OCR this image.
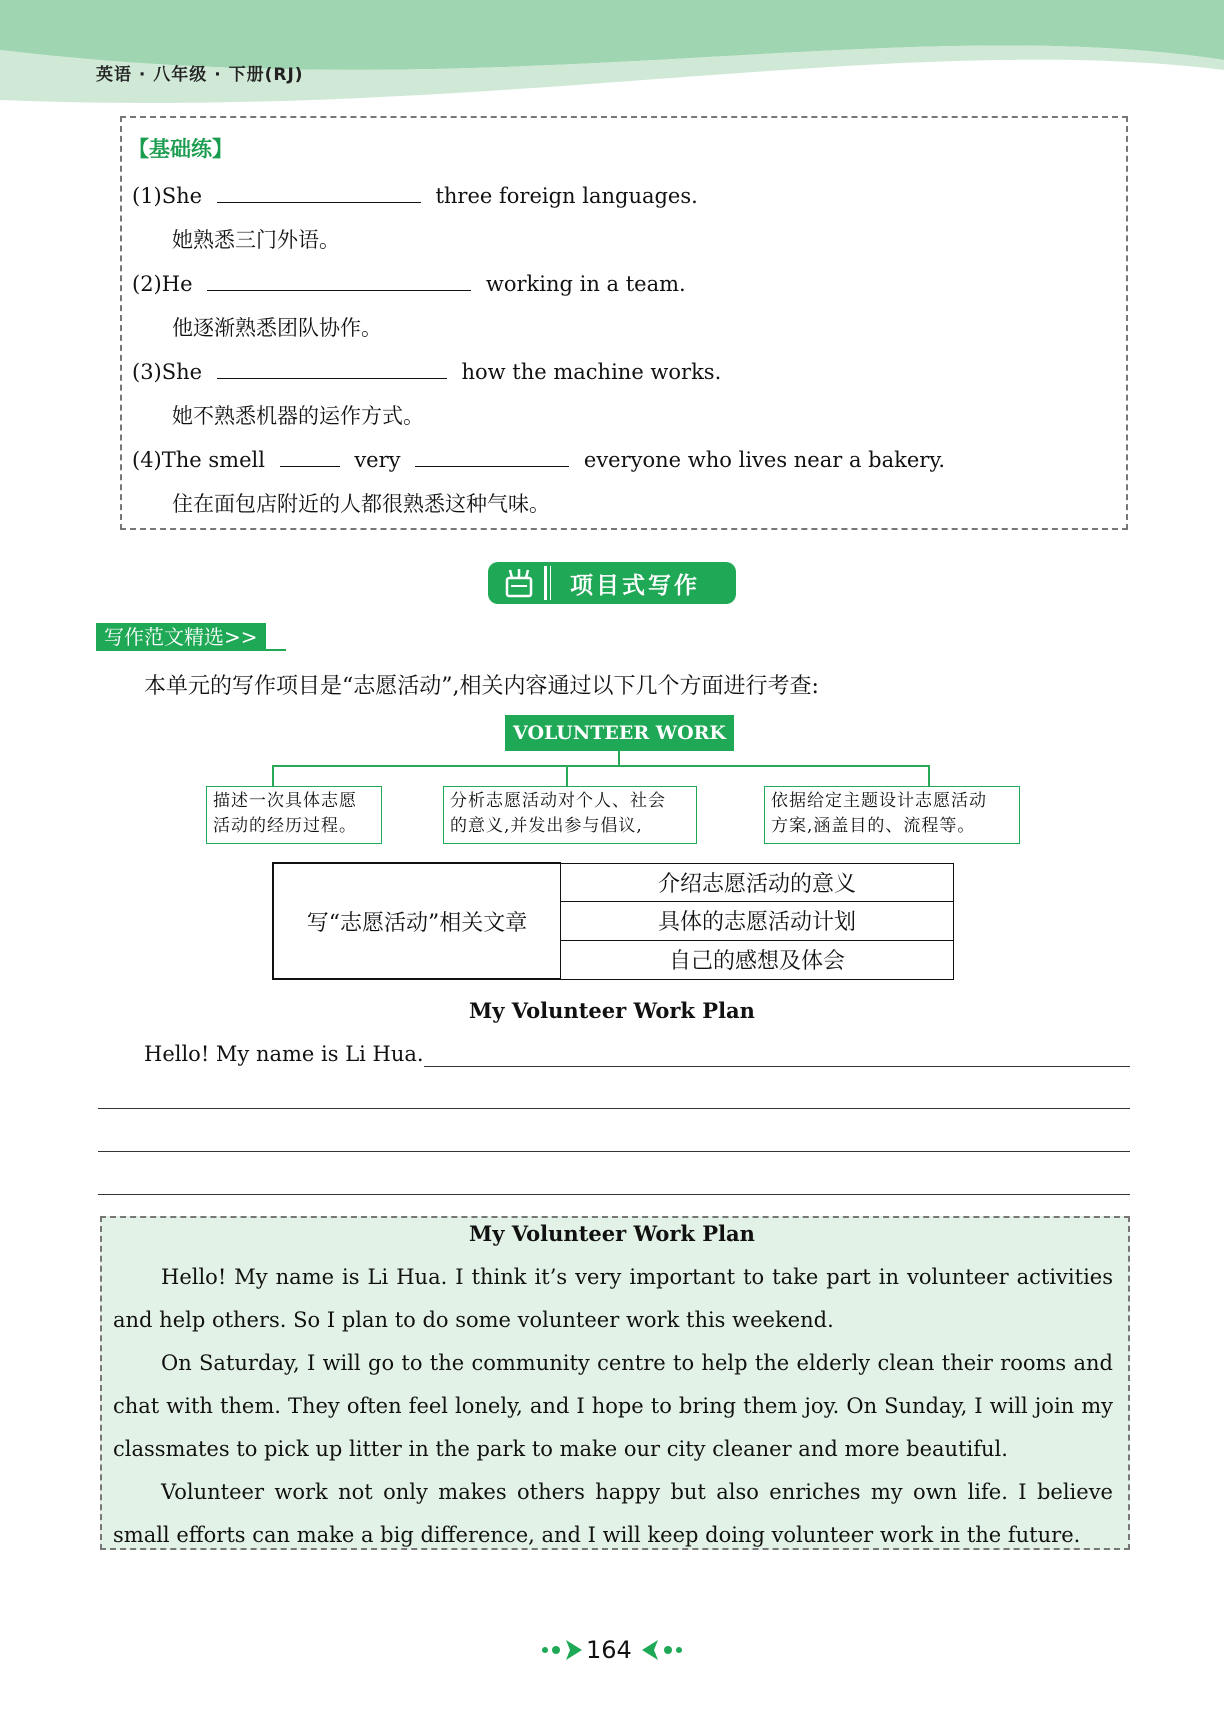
英语 · 八年级 · 下册(RJ)
【基础练】
(1)She	three foreign languages.
她熟悉三门外语。
(2)He	working in a team.
他逐渐熟悉团队协作。
(3)She	how the machine works.
她不熟悉机器的运作方式。
(4)The smell	very	everyone who lives near a bakery.
住在面包店附近的人都很熟悉这种气味。
项目式写作
写作范文精选>>
本单元的写作项目是“志愿活动”,相关内容通过以下几个方面进行考查:
VOLUNTEER WORK
描述一次具体志愿
活动的经历过程。
分析志愿活动对个人、社会
的意义,并发出参与倡议,
依据给定主题设计志愿活动
方案,涵盖目的、流程等。
写“志愿活动”相关文章	介绍志愿活动的意义
具体的志愿活动计划
自己的感想及体会
My Volunteer Work Plan
Hello! My name is Li Hua.
My Volunteer Work Plan
Hello! My name is Li Hua. I think it’s very important to take part in volunteer activities and help others. So I plan to do some volunteer work this weekend.
On Saturday, I will go to the community centre to help the elderly clean their rooms and chat with them. They often feel lonely, and I hope to bring them joy. On Sunday, I will join my classmates to pick up litter in the park to make our city cleaner and more beautiful.
Volunteer work not only makes others happy but also enriches my own life. I believe small efforts can make a big difference, and I will keep doing volunteer work in the future.
164
